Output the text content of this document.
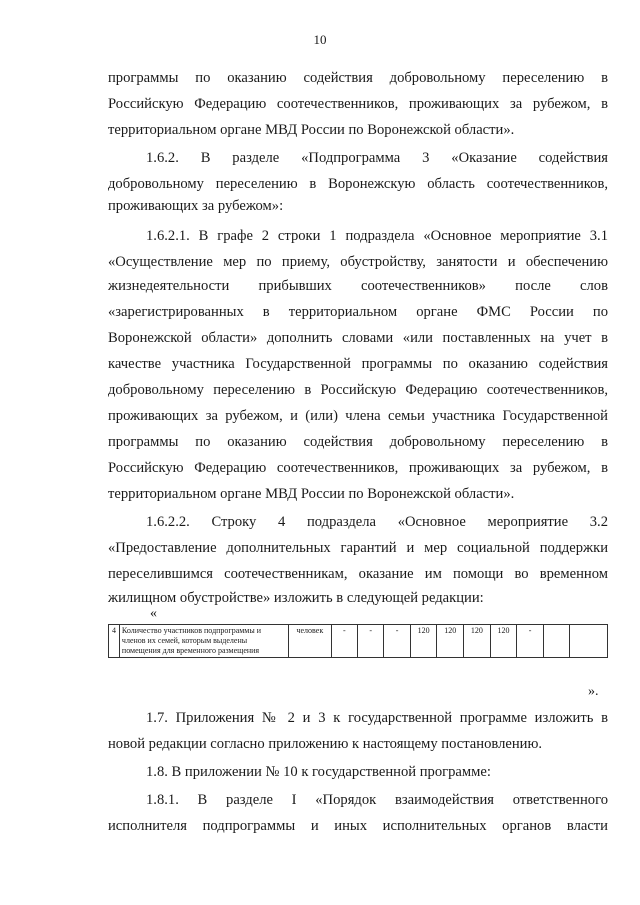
10
программы по оказанию содействия добровольному переселению в
Российскую Федерацию соотечественников, проживающих за рубежом, в
территориальном органе МВД России по Воронежской области».
1.6.2. В разделе «Подпрограмма 3 «Оказание содействия
добровольному переселению в Воронежскую область соотечественников,
проживающих за рубежом»:
1.6.2.1. В графе 2 строки 1 подраздела «Основное мероприятие 3.1
«Осуществление мер по приему, обустройству, занятости и обеспечению
жизнедеятельности прибывших соотечественников» после слов
«зарегистрированных в территориальном органе ФМС России по
Воронежской области» дополнить словами «или поставленных на учет в
качестве участника Государственной программы по оказанию содействия
добровольному переселению в Российскую Федерацию соотечественников,
проживающих за рубежом, и (или) члена семьи участника Государственной
программы по оказанию содействия добровольному переселению в
Российскую Федерацию соотечественников, проживающих за рубежом, в
территориальном органе МВД России по Воронежской области».
1.6.2.2. Строку 4 подраздела «Основное мероприятие 3.2
«Предоставление дополнительных гарантий и мер социальной поддержки
переселившимся соотечественникам, оказание им помощи во временном
жилищном обустройстве» изложить в следующей редакции:
1.7. Приложения № 2 и 3 к государственной программе изложить в
новой редакции согласно приложению к настоящему постановлению.
1.8. В приложении № 10 к государственной программе:
1.8.1. В разделе I «Порядок взаимодействия ответственного
исполнителя подпрограммы и иных исполнительных органов власти
«
4	Количество участников подпрограммы и членов их семей, которым выделены помещения для временного размещения	человек	-	-	-	120	120	120	120	-		
».
